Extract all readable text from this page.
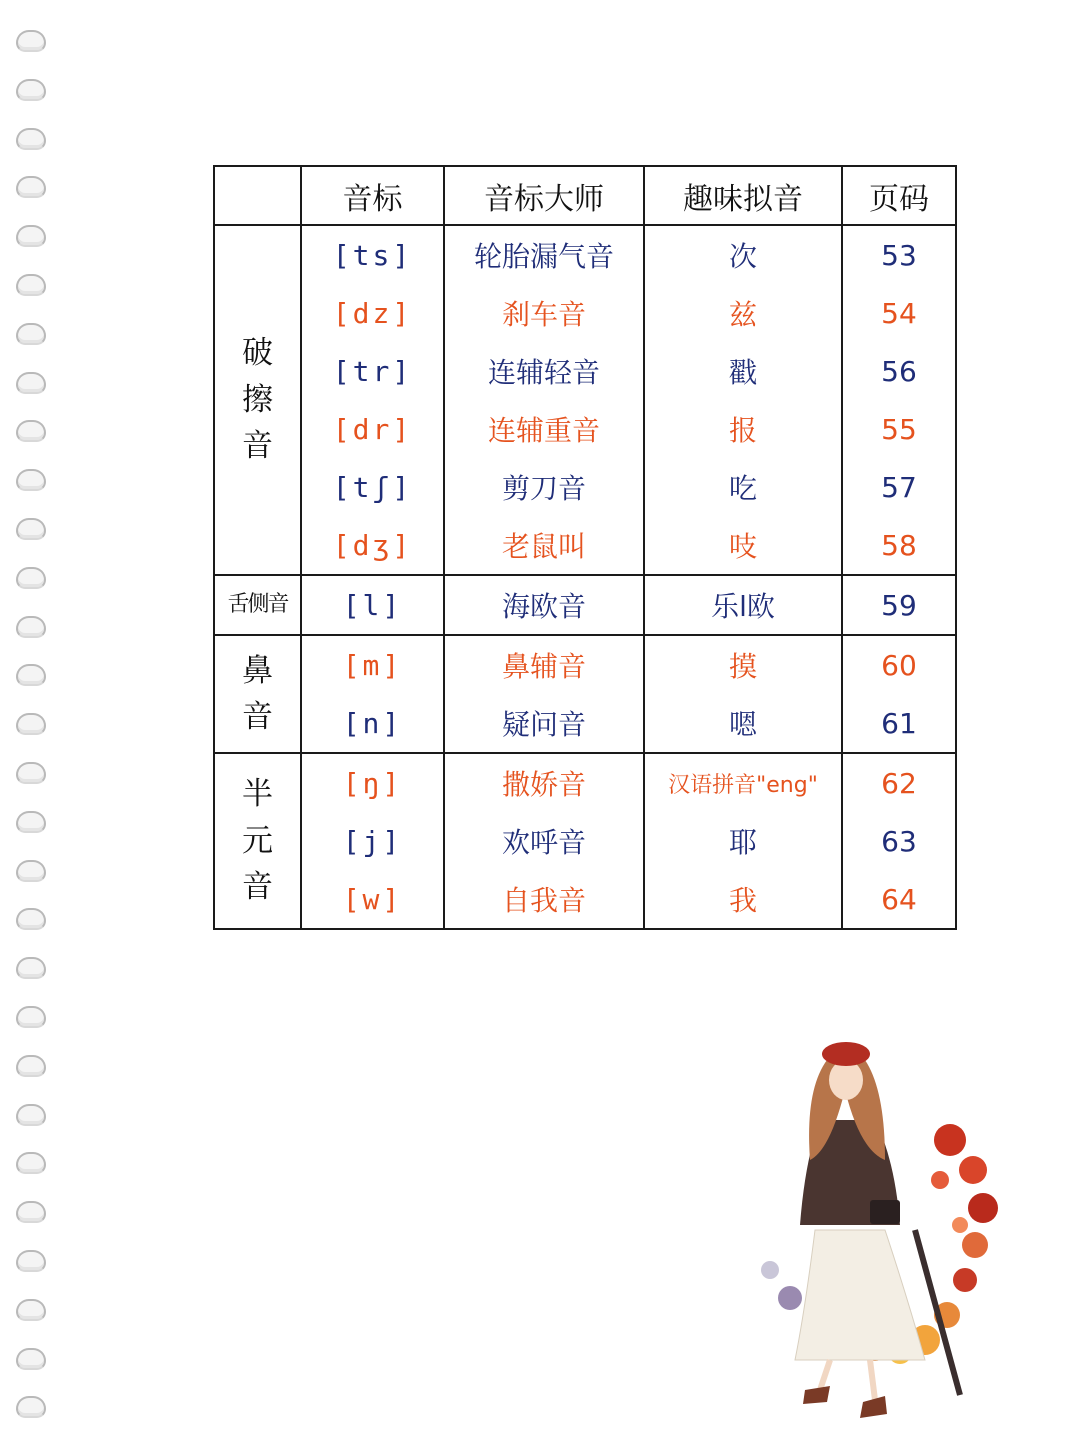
	音标	音标大师	趣味拟音	页码

破
擦
音	[ts]	轮胎漏气音	次	53
	[dz]	刹车音	兹	54
	[tr]	连辅轻音	戳	56
	[dr]	连辅重音	报	55
	[tʃ]	剪刀音	吃	57
	[dʒ]	老鼠叫	吱	58
舌侧音	[l]	海欧音	乐l欧	59

鼻
音	[m]	鼻辅音	摸	60
	[n]	疑问音	嗯	61

半
元
音	[ŋ]	撒娇音	汉语拼音"eng"	62
	[j]	欢呼音	耶	63
	[w]	自我音	我	64
